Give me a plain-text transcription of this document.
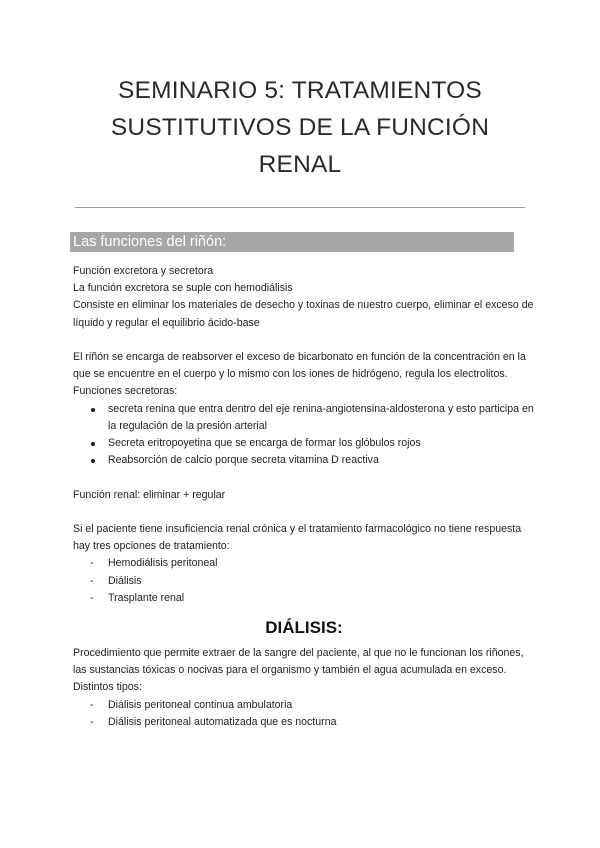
SEMINARIO 5: TRATAMIENTOS
SUSTITUTIVOS DE LA FUNCIÓN
RENAL
Las funciones del riñón:

Función excretora y secretora

La función excretora se suple con hemodiálisis

Consiste en eliminar los materiales de desecho y toxinas de nuestro cuerpo, eliminar el exceso de líquido y regular el equilibrio ácido-base

El riñón se encarga de reabsorver el exceso de bicarbonato en función de la concentración en la que se encuentre en el cuerpo y lo mismo con los iones de hidrógeno, regula los electrolitos.

Funciones secretoras:

secreta renina que entra dentro del eje renina-angiotensina-aldosterona y esto participa en la regulación de la presión arterial
Secreta eritropoyetina que se encarga de formar los glóbulos rojos
Reabsorción de calcio porque secreta vitamina D reactiva

Función renal: eliminar + regular

Si el paciente tiene insuficiencia renal crónica y el tratamiento farmacológico no tiene respuesta hay tres opciones de tratamiento:

- Hemodiálisis peritoneal
- Diálisis
- Trasplante renal
DIÁLISIS:

Procedimiento que permite extraer de la sangre del paciente, al que no le funcionan los riñones, las sustancias tóxicas o nocivas para el organismo y también el agua acumulada en exceso.

Distintos tipos:

- Diálisis peritoneal continua ambulatoria
- Diálisis peritoneal automatizada que es nocturna
